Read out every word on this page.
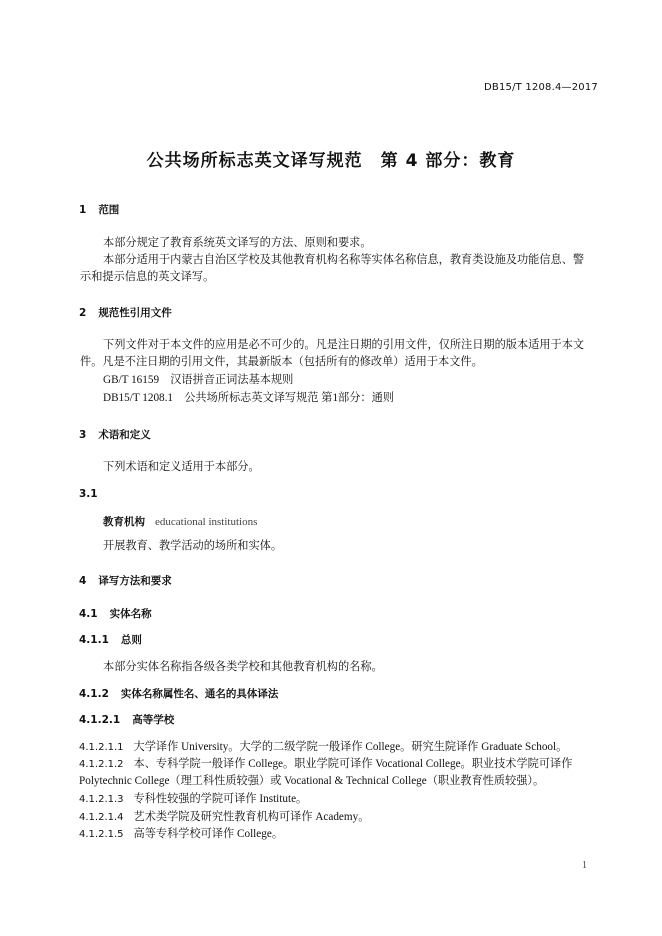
DB15/T 1208.4—2017
公共场所标志英文译写规范　第 4 部分：教育
1 范围
本部分规定了教育系统英文译写的方法、原则和要求。
本部分适用于内蒙古自治区学校及其他教育机构名称等实体名称信息，教育类设施及功能信息、警
示和提示信息的英文译写。
2 规范性引用文件
下列文件对于本文件的应用是必不可少的。凡是注日期的引用文件，仅所注日期的版本适用于本文
件。凡是不注日期的引用文件，其最新版本（包括所有的修改单）适用于本文件。
GB/T 16159　汉语拼音正词法基本规则
DB15/T 1208.1　公共场所标志英文译写规范 第1部分：通则
3 术语和定义
下列术语和定义适用于本部分。
3.1
教育机构 educational institutions
开展教育、教学活动的场所和实体。
4 译写方法和要求
4.1 实体名称
4.1.1 总则
本部分实体名称指各级各类学校和其他教育机构的名称。
4.1.2 实体名称属性名、通名的具体译法
4.1.2.1 高等学校
4.1.2.1.1 大学译作 University。大学的二级学院一般译作 College。研究生院译作 Graduate School。
4.1.2.1.2 本、专科学院一般译作 College。职业学院可译作 Vocational College。职业技术学院可译作
Polytechnic College（理工科性质较强）或 Vocational & Technical College（职业教育性质较强）。
4.1.2.1.3 专科性较强的学院可译作 Institute。
4.1.2.1.4 艺术类学院及研究性教育机构可译作 Academy。
4.1.2.1.5 高等专科学校可译作 College。
1
